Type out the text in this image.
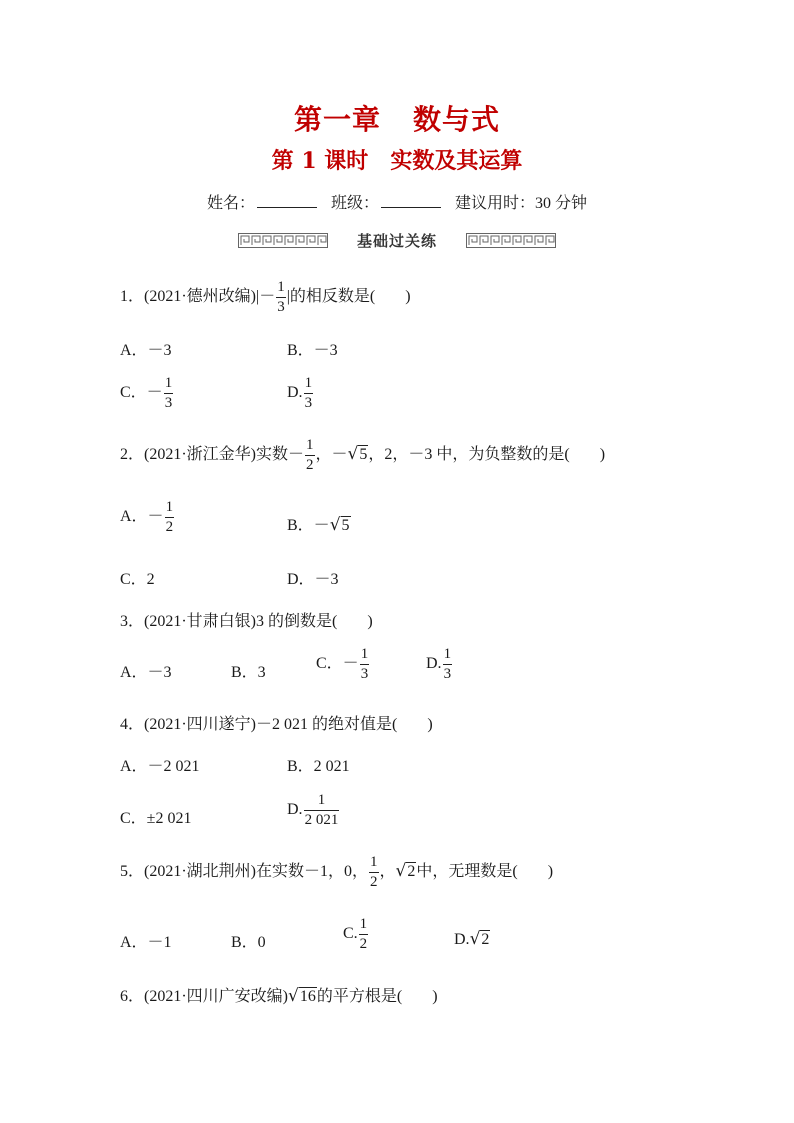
第一章 数与式
第 1 课时 实数及其运算
姓名：	班级：	建议用时：30 分钟
基础过关练
1．(2021·德州改编)|－ $\frac{1}{3}$ |的相反数是( )
A．－3	B．－3
C．－ $\frac{1}{3}$	D. $\frac{1}{3}$
2．(2021·浙江金华)实数－ $\frac{1}{2}$ ，－√5，2，－3 中，为负整数的是( )
A．－ $\frac{1}{2}$	B．－√5
C．2	D．－3
3．(2021·甘肃白银)3 的倒数是( )
A．－3	B．3
C．－ $\frac{1}{3}$	D. $\frac{1}{3}$
4．(2021·四川遂宁)－2 021 的绝对值是( )
A．－2 021	B．2 021
C．±2 021
D. $\frac{1}{2 021}$
5．(2021·湖北荆州)在实数－1，0， $\frac{1}{2}$ ，√2中，无理数是( )
A．－1	B．0
C. $\frac{1}{2}$	D.√2
6．(2021·四川广安改编)√16的平方根是( )
